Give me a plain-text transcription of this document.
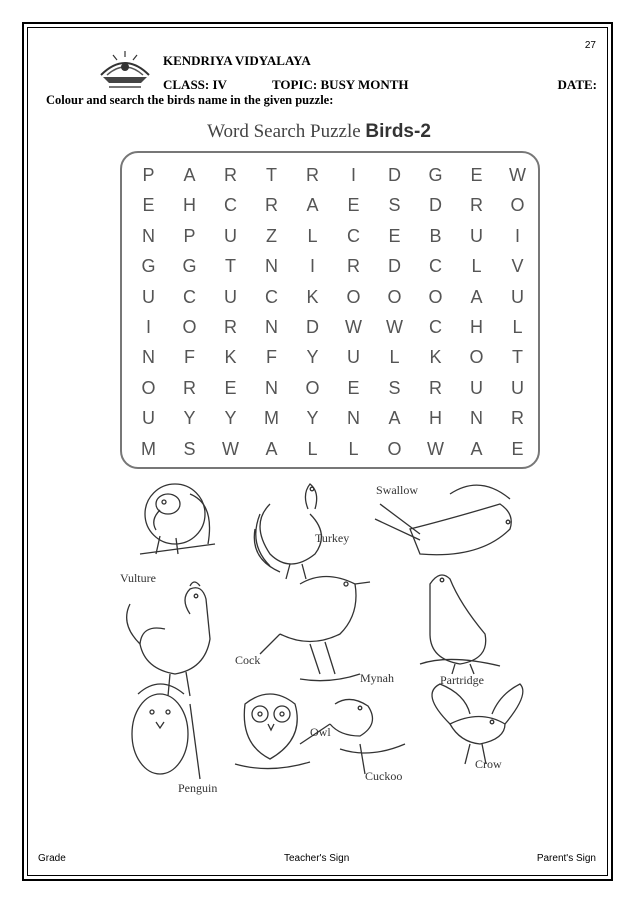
27
KENDRIYA VIDYALAYA
CLASS: IV	TOPIC: BUSY MONTH	DATE:
Colour and search the birds name in the given puzzle:
Word Search Puzzle Birds-2
P	A	R	T	R	I	D	G	E	W
E	H	C	R	A	E	S	D	R	O
N	P	U	Z	L	C	E	B	U	I
G	G	T	N	I	R	D	C	L	V
U	C	U	C	K	O	O	O	A	U
I	O	R	N	D	W	W	C	H	L
N	F	K	F	Y	U	L	K	O	T
O	R	E	N	O	E	S	R	U	U
U	Y	Y	M	Y	N	A	H	N	R
M	S	W	A	L	L	O	W	A	E
Vulture
Turkey
Swallow
Cock
Mynah	Partridge
Owl
Penguin
Cuckoo
Crow
Grade	Teacher's Sign	Parent's Sign
